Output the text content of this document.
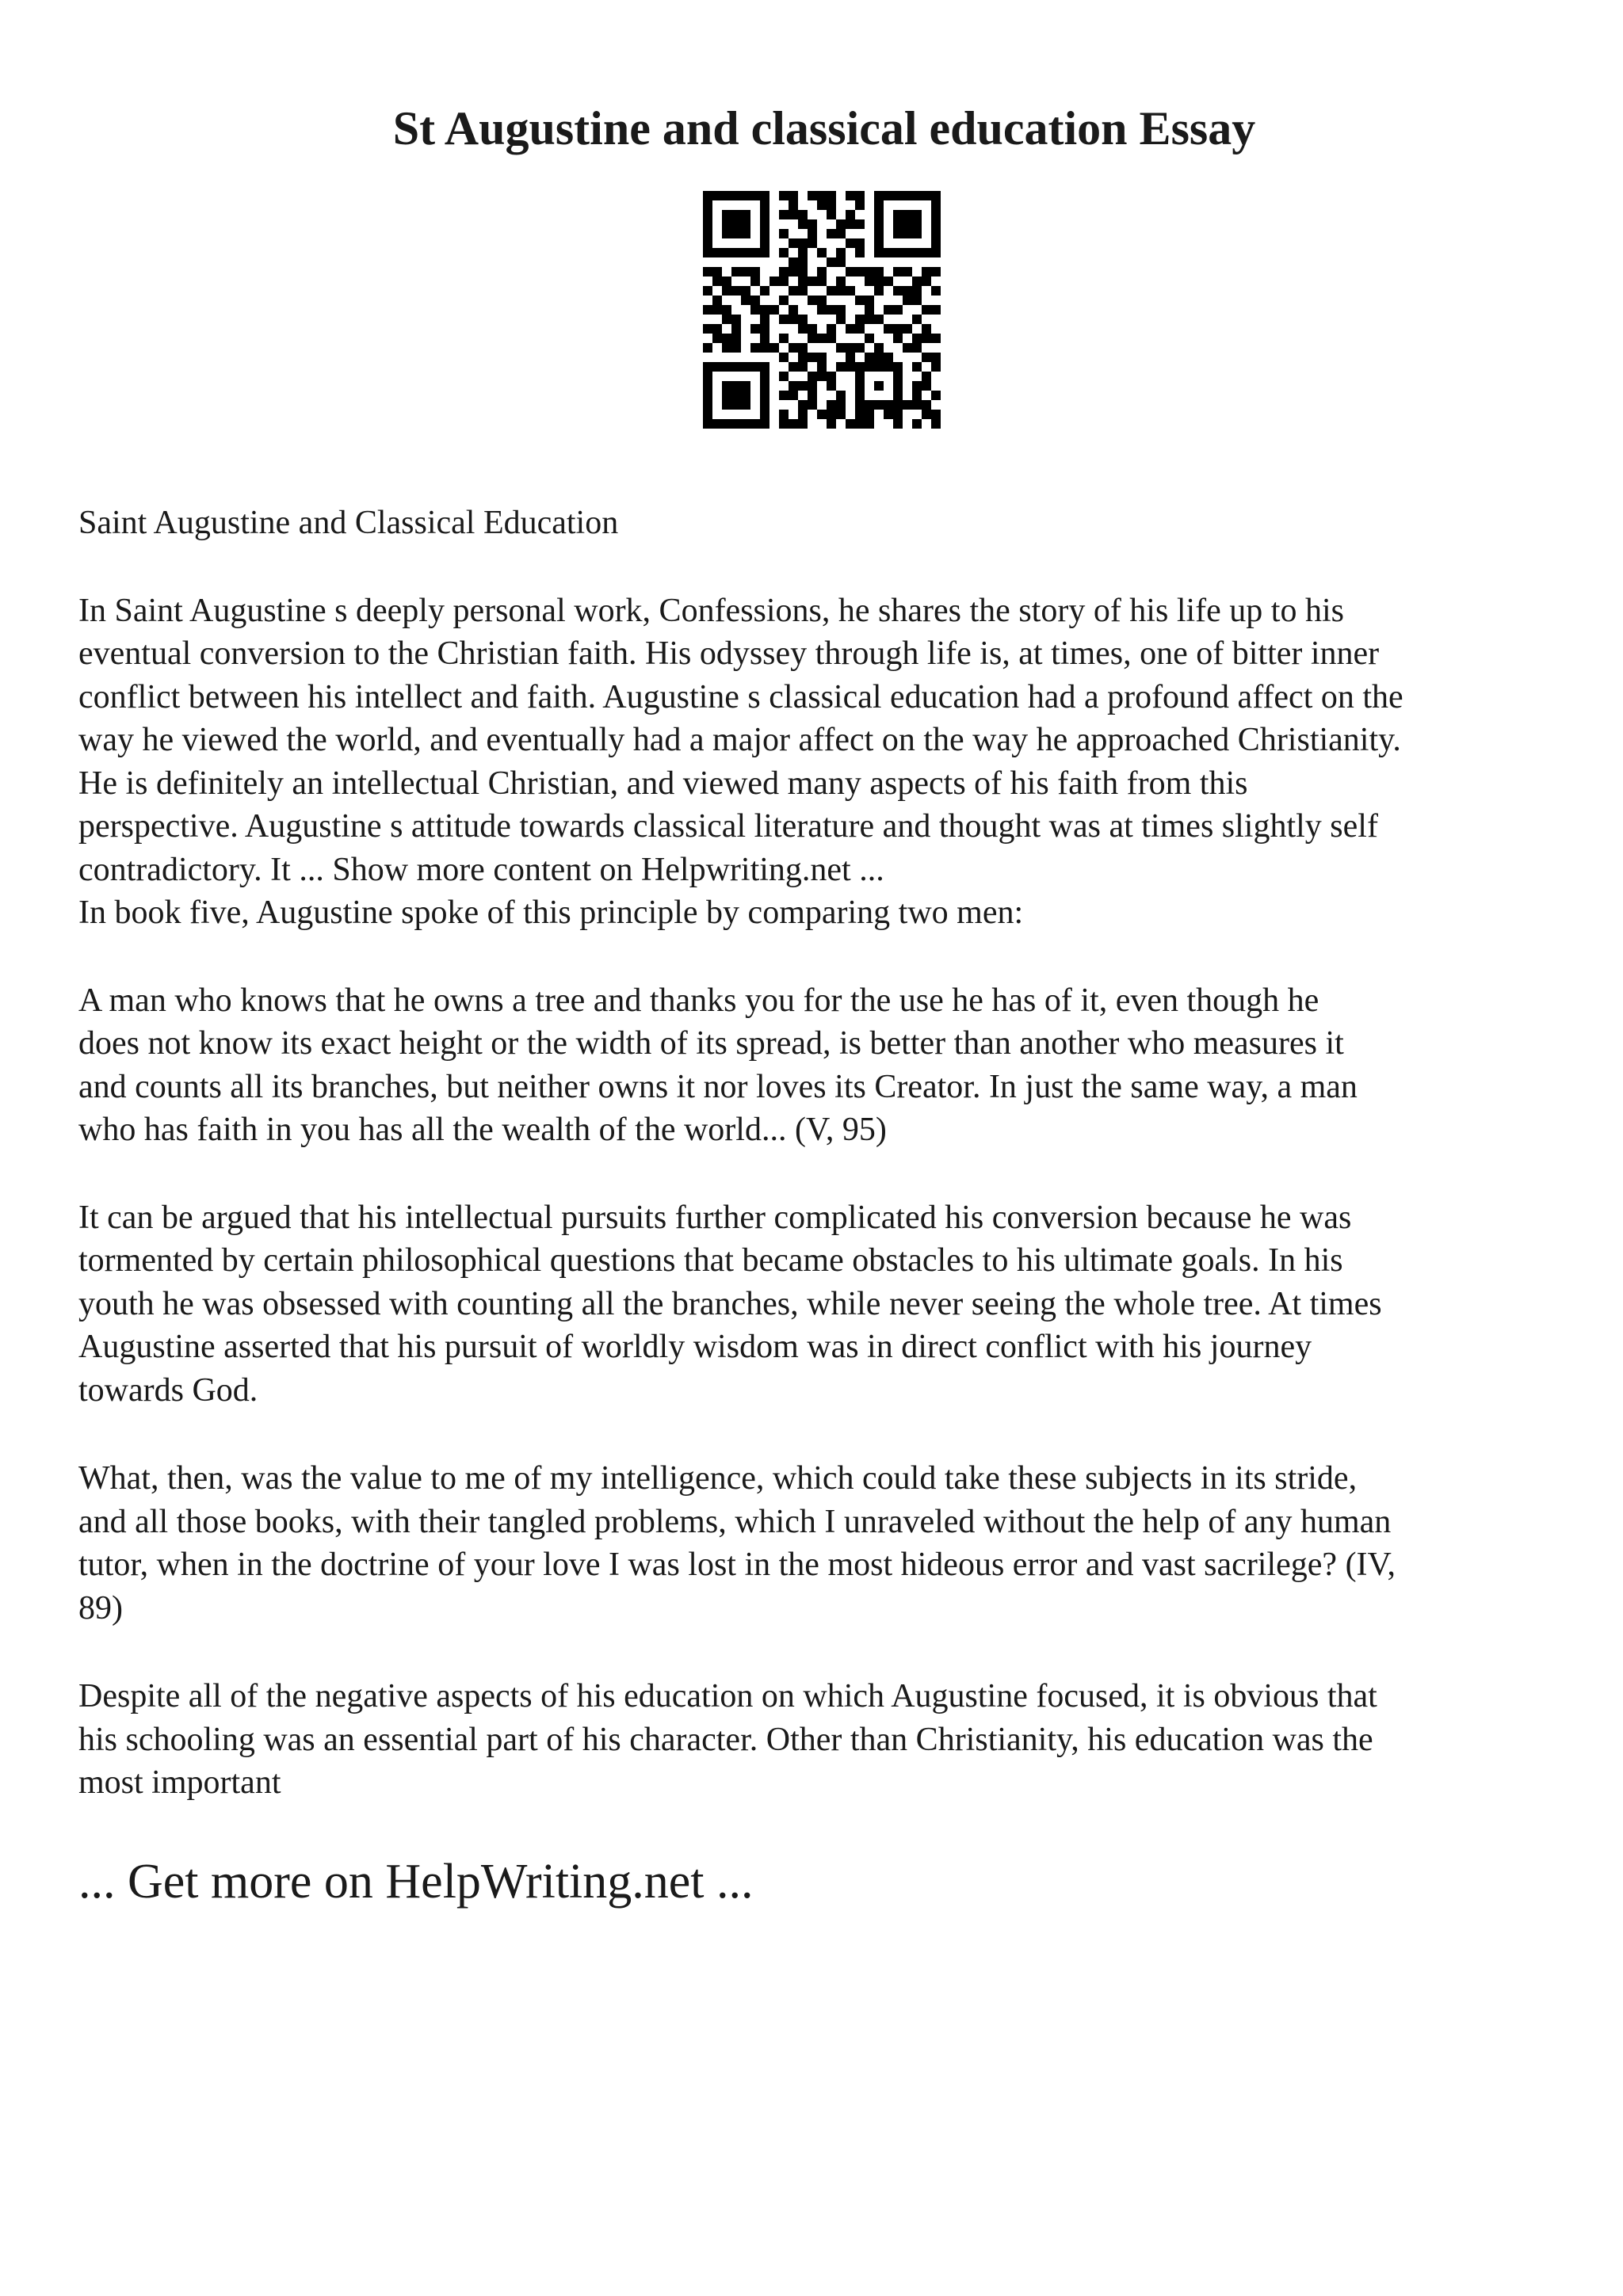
St Augustine and classical education Essay

Saint Augustine and Classical Education

In Saint Augustine s deeply personal work, Confessions, he shares the story of his life up to his
eventual conversion to the Christian faith. His odyssey through life is, at times, one of bitter inner
conflict between his intellect and faith. Augustine s classical education had a profound affect on the
way he viewed the world, and eventually had a major affect on the way he approached Christianity.
He is definitely an intellectual Christian, and viewed many aspects of his faith from this
perspective. Augustine s attitude towards classical literature and thought was at times slightly self
contradictory. It ... Show more content on Helpwriting.net ...

In book five, Augustine spoke of this principle by comparing two men:

A man who knows that he owns a tree and thanks you for the use he has of it, even though he
does not know its exact height or the width of its spread, is better than another who measures it
and counts all its branches, but neither owns it nor loves its Creator. In just the same way, a man
who has faith in you has all the wealth of the world... (V, 95)

It can be argued that his intellectual pursuits further complicated his conversion because he was
tormented by certain philosophical questions that became obstacles to his ultimate goals. In his
youth he was obsessed with counting all the branches, while never seeing the whole tree. At times
Augustine asserted that his pursuit of worldly wisdom was in direct conflict with his journey
towards God.

What, then, was the value to me of my intelligence, which could take these subjects in its stride,
and all those books, with their tangled problems, which I unraveled without the help of any human
tutor, when in the doctrine of your love I was lost in the most hideous error and vast sacrilege? (IV,
89)

Despite all of the negative aspects of his education on which Augustine focused, it is obvious that
his schooling was an essential part of his character. Other than Christianity, his education was the
most important

... Get more on HelpWriting.net ...
